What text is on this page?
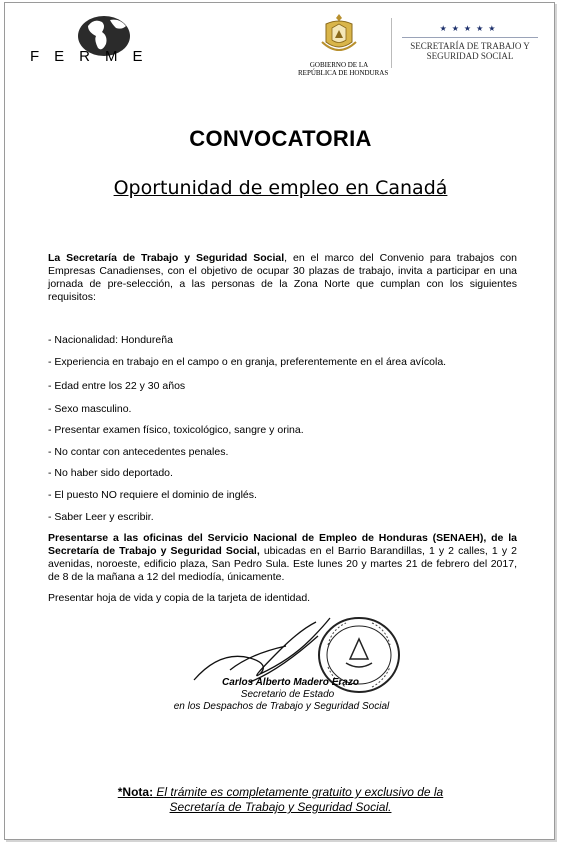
FERME	GOBIERNO DE LA
REPÚBLICA DE HONDURAS
★★★★★
SECRETARÍA DE TRABAJO Y
SEGURIDAD SOCIAL
CONVOCATORIA
Oportunidad de empleo en Canadá
La Secretaría de Trabajo y Seguridad Social, en el marco del Convenio para trabajos con Empresas Canadienses, con el objetivo de ocupar 30 plazas de trabajo, invita a participar en una jornada de pre-selección, a las personas de la Zona Norte que cumplan con los siguientes requisitos:
- Nacionalidad: Hondureña
- Experiencia en trabajo en el campo o en granja, preferentemente en el área avícola.
- Edad entre los 22 y 30 años
- Sexo masculino.
- Presentar examen físico, toxicológico, sangre y orina.
- No contar con antecedentes penales.
- No haber sido deportado.
- El puesto NO requiere el dominio de inglés.
- Saber Leer y escribir.
Presentarse a las oficinas del Servicio Nacional de Empleo de Honduras (SENAEH), de la Secretaría de Trabajo y Seguridad Social, ubicadas en el Barrio Barandillas, 1 y 2 calles, 1 y 2 avenidas, noroeste, edificio plaza, San Pedro Sula. Este lunes 20 y martes 21 de febrero del 2017, de 8 de la mañana a 12 del mediodía, únicamente.
Presentar hoja de vida y copia de la tarjeta de identidad.
Carlos Alberto Madero Erazo
Secretario de Estado
en los Despachos de Trabajo y Seguridad Social
*Nota: El trámite es completamente gratuito y exclusivo de la
Secretaría de Trabajo y Seguridad Social.
